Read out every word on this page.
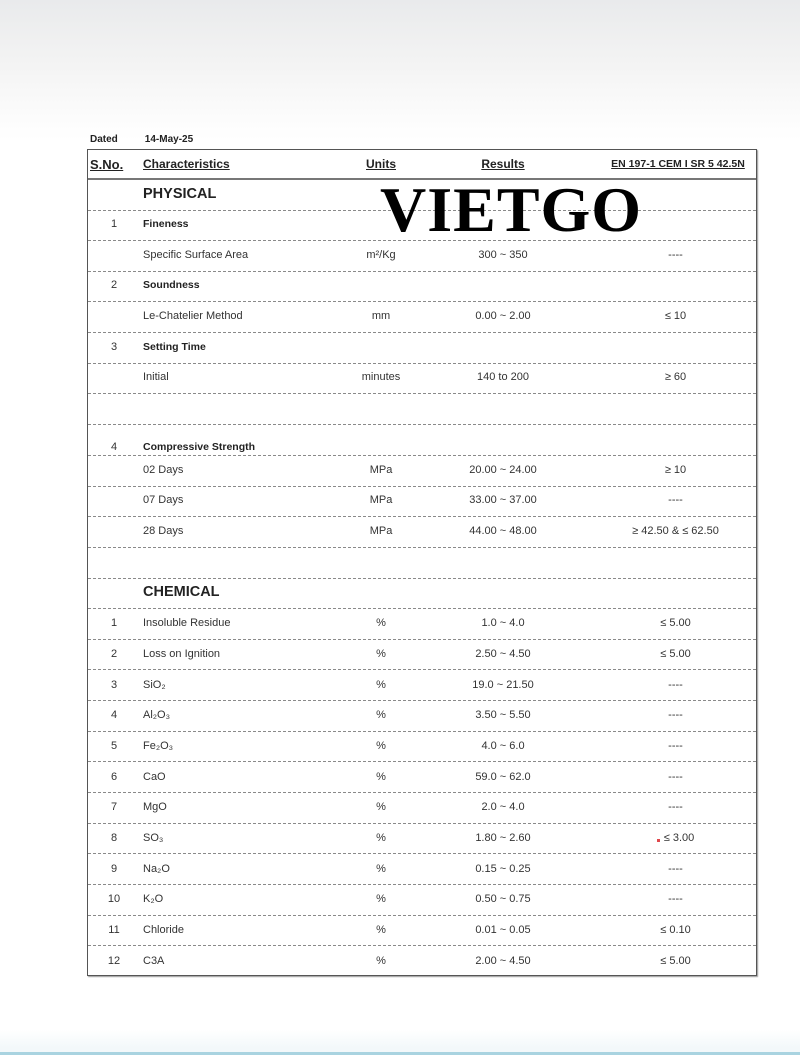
Dated	14-May-25
S.No. Characteristics	Units	Results	EN 197-1 CEM I SR 5 42.5N
PHYSICAL
1	Fineness
Specific Surface Area	m²/Kg	300 ~ 350	----
2	Soundness
Le-Chatelier Method	mm	0.00 ~ 2.00	≤ 10
3	Setting Time
Initial	minutes	140 to 200	≥ 60
4	Compressive Strength
02 Days	MPa	20.00 ~ 24.00	≥ 10
07 Days	MPa	33.00 ~ 37.00	----
28 Days	MPa	44.00 ~ 48.00	≥ 42.50 & ≤ 62.50
CHEMICAL
1	Insoluble Residue	%	1.0 ~ 4.0	≤ 5.00
2	Loss on Ignition	%	2.50 ~ 4.50	≤ 5.00
3	SiO₂	%	19.0 ~ 21.50	----
4	Al₂O₃	%	3.50 ~ 5.50	----
5	Fe₂O₃	%	4.0 ~ 6.0	----
6	CaO	%	59.0 ~ 62.0	----
7	MgO	%	2.0 ~ 4.0	----
8	SO₃	%	1.80 ~ 2.60	≤ 3.00
9	Na₂O	%	0.15 ~ 0.25	----
10	K₂O	%	0.50 ~ 0.75	----
11	Chloride	%	0.01 ~ 0.05	≤ 0.10
12	C3A	%	2.00 ~ 4.50	≤ 5.00
VIETGO
